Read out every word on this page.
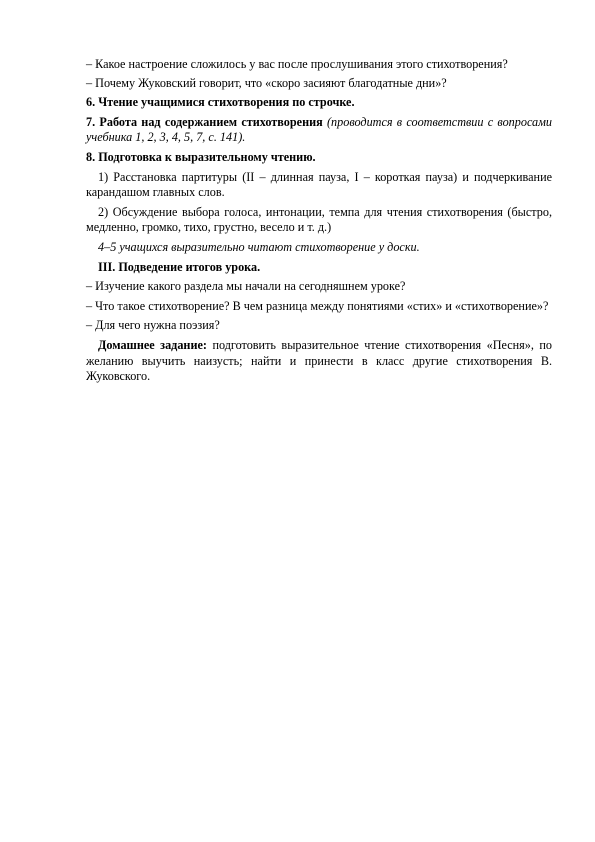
– Какое настроение сложилось у вас после прослушивания этого стихотворения?

– Почему Жуковский говорит, что «скоро засияют благодатные дни»?

6. Чтение учащимися стихотворения по строчке.

7. Работа над содержанием стихотворения (проводится в соответствии с вопросами учебника 1, 2, 3, 4, 5, 7, с. 141).

8. Подготовка к выразительному чтению.

1) Расстановка партитуры (II – длинная пауза, I – короткая пауза) и подчеркивание карандашом главных слов.

2) Обсуждение выбора голоса, интонации, темпа для чтения стихотворения (быстро, медленно, громко, тихо, грустно, весело и т. д.)

4–5 учащихся выразительно читают стихотворение у доски.

III. Подведение итогов урока.

– Изучение какого раздела мы начали на сегодняшнем уроке?

– Что такое стихотворение? В чем разница между понятиями «стих» и «стихотворение»?

– Для чего нужна поэзия?

Домашнее задание: подготовить выразительное чтение стихотворения «Песня», по желанию выучить наизусть; найти и принести в класс другие стихотворения В. Жуковского.
